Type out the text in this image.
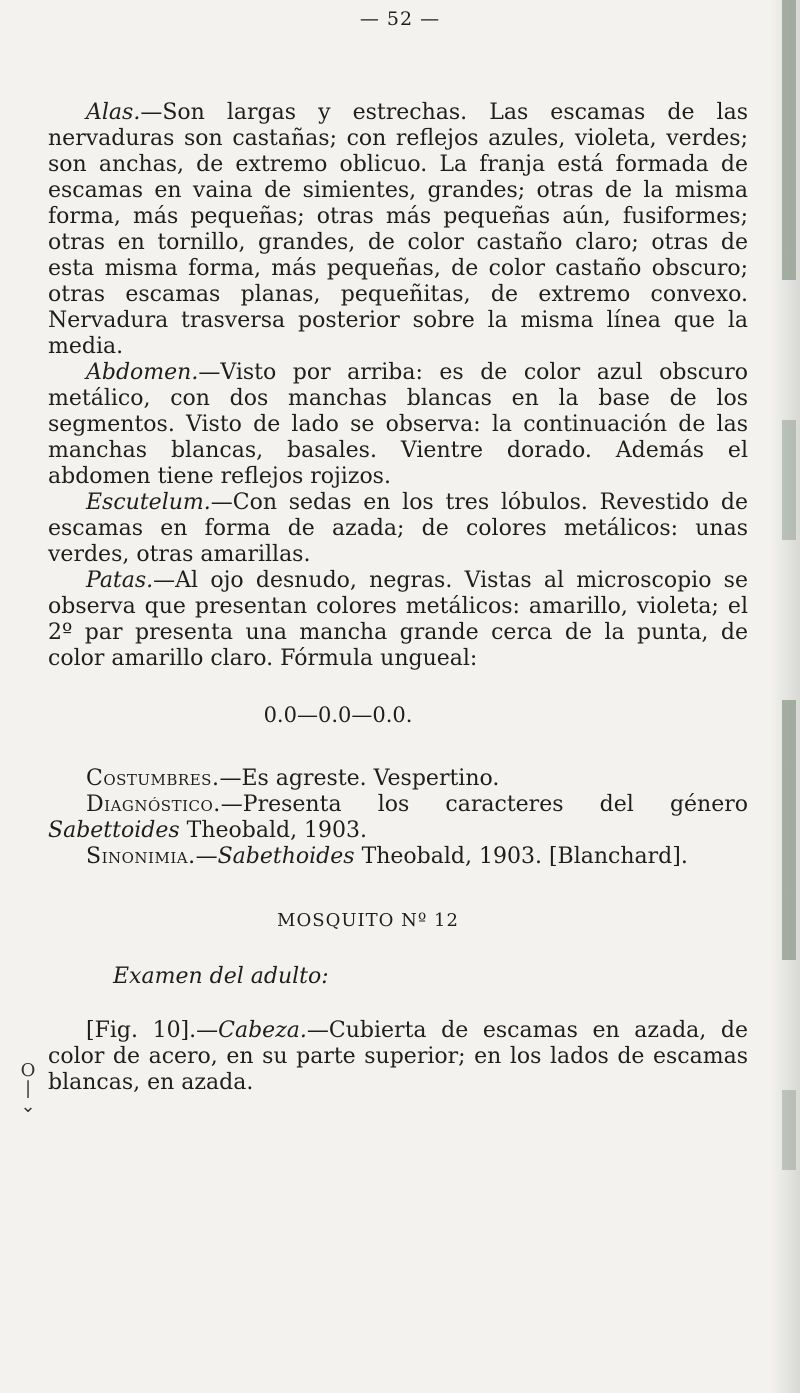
— 52 —

Alas.—Son largas y estrechas. Las escamas de las nervaduras son castañas; con reflejos azules, violeta, verdes; son anchas, de extremo oblicuo. La franja está formada de escamas en vaina de simientes, grandes; otras de la misma forma, más pequeñas; otras más pequeñas aún, fusiformes; otras en tornillo, grandes, de color castaño claro; otras de esta misma forma, más pequeñas, de color castaño obscuro; otras escamas planas, pequeñitas, de extremo convexo. Nervadura trasversa posterior sobre la misma línea que la media.

Abdomen.—Visto por arriba: es de color azul obscuro metálico, con dos manchas blancas en la base de los segmentos. Visto de lado se observa: la continuación de las manchas blancas, basales. Vientre dorado. Además el abdomen tiene reflejos rojizos.

Escutelum.—Con sedas en los tres lóbulos. Revestido de escamas en forma de azada; de colores metálicos: unas verdes, otras amarillas.

Patas.—Al ojo desnudo, negras. Vistas al microscopio se observa que presentan colores metálicos: amarillo, violeta; el 2º par presenta una mancha grande cerca de la punta, de color amarillo claro. Fórmula ungueal:

0.0—0.0—0.0.

Costumbres.—Es agreste. Vespertino.

Diagnóstico.—Presenta los caracteres del género Sabettoides Theobald, 1903.

Sinonimia.—Sabethoides Theobald, 1903. [Blanchard].

MOSQUITO Nº 12

Examen del adulto:

[Fig. 10].—Cabeza.—Cubierta de escamas en azada, de color de acero, en su parte superior; en los lados de escamas blancas, en azada.

O
|
⌄
